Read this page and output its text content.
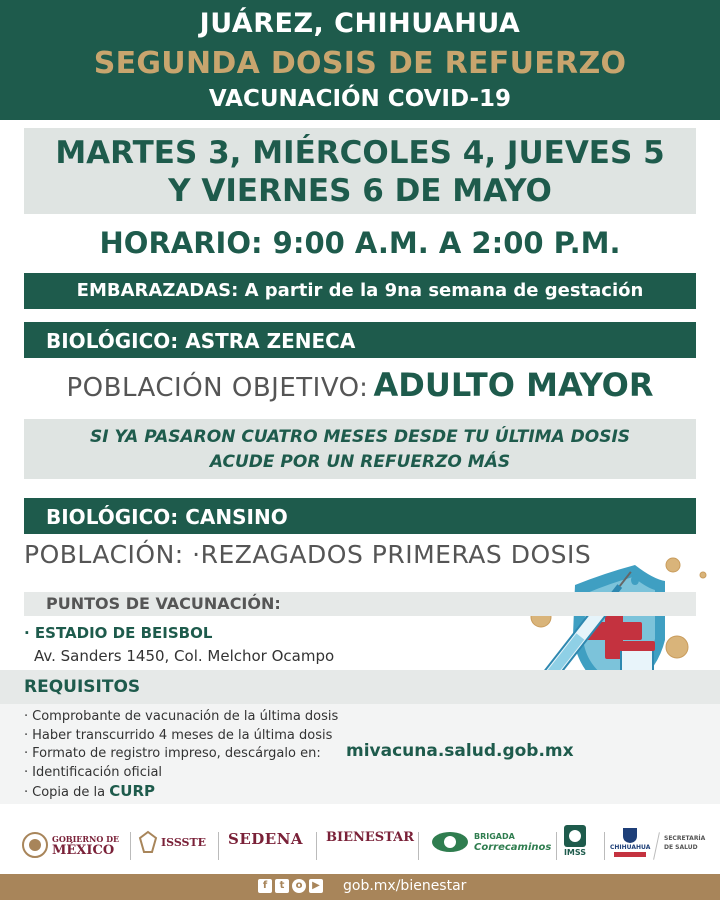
JUÁREZ, CHIHUAHUA
SEGUNDA DOSIS DE REFUERZO
VACUNACIÓN COVID-19
MARTES 3, MIÉRCOLES 4, JUEVES 5
Y VIERNES 6 DE MAYO
HORARIO: 9:00 A.M. A 2:00 P.M.
EMBARAZADAS: A partir de la 9na semana de gestación
BIOLÓGICO: ASTRA ZENECA
POBLACIÓN OBJETIVO: ADULTO MAYOR
SI YA PASARON CUATRO MESES DESDE TU ÚLTIMA DOSIS
ACUDE POR UN REFUERZO MÁS
BIOLÓGICO: CANSINO
POBLACIÓN: ·REZAGADOS PRIMERAS DOSIS
PUNTOS DE VACUNACIÓN:
· ESTADIO DE BEISBOL
Av. Sanders 1450, Col. Melchor Ocampo
REQUISITOS
· Comprobante de vacunación de la última dosis
· Haber transcurrido 4 meses de la última dosis
· Formato de registro impreso, descárgalo en:
· Identificación oficial
· Copia de la CURP
mivacuna.salud.gob.mx
GOBIERNO DE
MÉXICO
ISSSTE SEDENA BIENESTAR	BRIGADA
Correcaminos IMSS
CHIHUAHUA
SECRETARÍA
DE SALUD
f	t	o ▶ gob.mx/bienestar
